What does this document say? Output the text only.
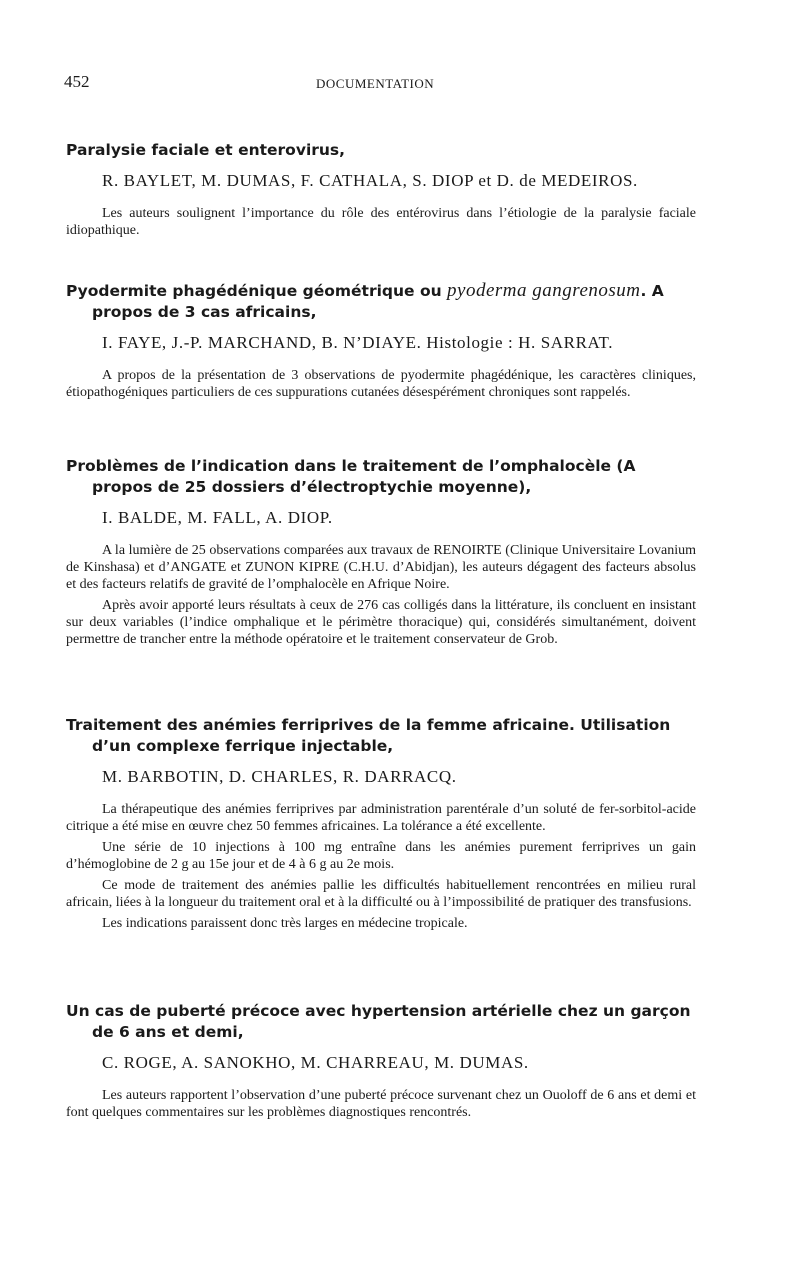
452	DOCUMENTATION
Paralysie faciale et enterovirus,
R. BAYLET, M. DUMAS, F. CATHALA, S. DIOP et D. de MEDEIROS.

Les auteurs soulignent l’importance du rôle des entérovirus dans l’étiologie de la paralysie faciale idiopathique.

Pyodermite phagédénique géométrique ou pyoderma gangrenosum. A propos de 3 cas africains,
I. FAYE, J.-P. MARCHAND, B. N’DIAYE. Histologie : H. SARRAT.

A propos de la présentation de 3 observations de pyodermite phagédénique, les caractères cliniques, étiopathogéniques particuliers de ces suppurations cutanées désespérément chroniques sont rappelés.

Problèmes de l’indication dans le traitement de l’omphalocèle (A propos de 25 dossiers d’électroptychie moyenne),
I. BALDE, M. FALL, A. DIOP.

A la lumière de 25 observations comparées aux travaux de RENOIRTE (Clinique Universitaire Lovanium de Kinshasa) et d’ANGATE et ZUNON KIPRE (C.H.U. d’Abidjan), les auteurs dégagent des facteurs absolus et des facteurs relatifs de gravité de l’omphalocèle en Afrique Noire.

Après avoir apporté leurs résultats à ceux de 276 cas colligés dans la littérature, ils concluent en insistant sur deux variables (l’indice omphalique et le périmètre thoracique) qui, considérés simultanément, doivent permettre de trancher entre la méthode opératoire et le traitement conservateur de Grob.

Traitement des anémies ferriprives de la femme africaine. Utilisation d’un complexe ferrique injectable,
M. BARBOTIN, D. CHARLES, R. DARRACQ.

La thérapeutique des anémies ferriprives par administration parentérale d’un soluté de fer-sorbitol-acide citrique a été mise en œuvre chez 50 femmes africaines. La tolérance a été excellente.

Une série de 10 injections à 100 mg entraîne dans les anémies purement ferriprives un gain d’hémoglobine de 2 g au 15e jour et de 4 à 6 g au 2e mois.

Ce mode de traitement des anémies pallie les difficultés habituellement rencontrées en milieu rural africain, liées à la longueur du traitement oral et à la difficulté ou à l’impossibilité de pratiquer des transfusions.

Les indications paraissent donc très larges en médecine tropicale.

Un cas de puberté précoce avec hypertension artérielle chez un garçon de 6 ans et demi,
C. ROGE, A. SANOKHO, M. CHARREAU, M. DUMAS.

Les auteurs rapportent l’observation d’une puberté précoce survenant chez un Ouoloff de 6 ans et demi et font quelques commentaires sur les problèmes diagnostiques rencontrés.
